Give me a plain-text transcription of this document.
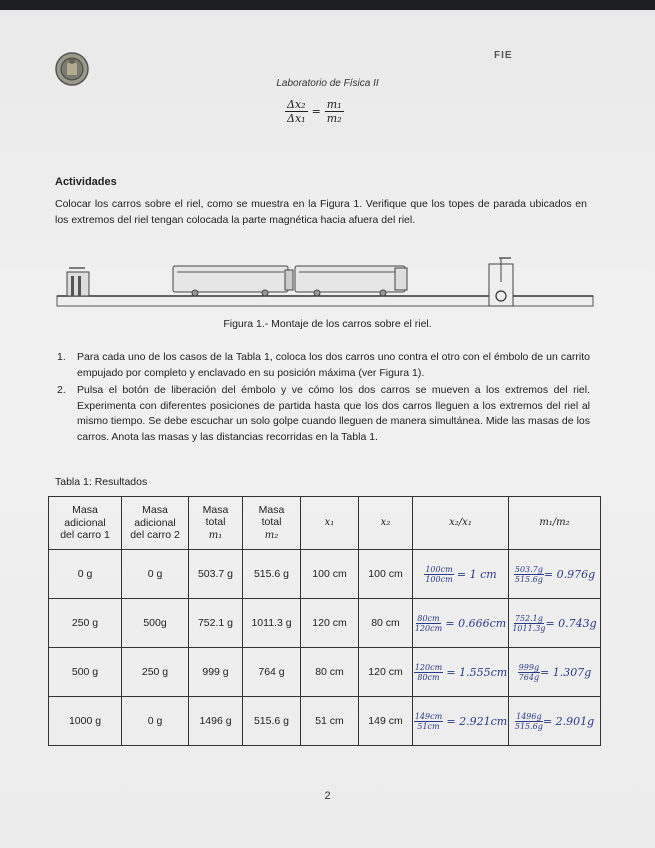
$^{FIE}$
Laboratorio de Física II
$\frac{\text{Δx₂}}{\text{Δx₁}} = \frac{\text{m₁}}{\text{m₂}}$
Actividades
Colocar los carros sobre el riel, como se muestra en la Figura 1. Verifique que los topes de parada ubicados en los extremos del riel tengan colocada la parte magnética hacia afuera del riel.
Figura 1.- Montaje de los carros sobre el riel.
1. Para cada uno de los casos de la Tabla 1, coloca los dos carros uno contra el otro con el émbolo de un carrito empujado por completo y enclavado en su posición máxima (ver Figura 1).
2. Pulsa el botón de liberación del émbolo y ve cómo los dos carros se mueven a los extremos del riel. Experimenta con diferentes posiciones de partida hasta que los dos carros lleguen a los extremos del riel al mismo tiempo. Se debe escuchar un solo golpe cuando lleguen de manera simultánea. Mide las masas de los carros. Anota las masas y las distancias recorridas en la Tabla 1.
Tabla 1: Resultados
Masa
adicional
del carro 1	Masa
adicional
del carro 2	Masa
total
m₁	Masa
total
m₂	x₁	x₂	x₂/x₁	m₁/m₂
0 g	0 g	503.7 g	515.6 g	100 cm	100 cm	$\frac{100cm}{100cm} = 1$ cm	$\frac{503.7g}{515.6g} = 0.976g$
250 g	500g	752.1 g	1011.3 g	120 cm	80 cm	$\frac{80cm}{120cm} = 0.666cm$	$\frac{752.1g}{1011.3g} = 0.743g$
500 g	250 g	999 g	764 g	80 cm	120 cm	$\frac{120cm}{80cm} = 1.555cm$	$\frac{999g}{764g} = 1.307g$
1000 g	0 g	1496 g	515.6 g	51 cm	149 cm	$\frac{149cm}{51cm} = 2.921cm$	$\frac{1496g}{515.6g} = 2.901g$
2
